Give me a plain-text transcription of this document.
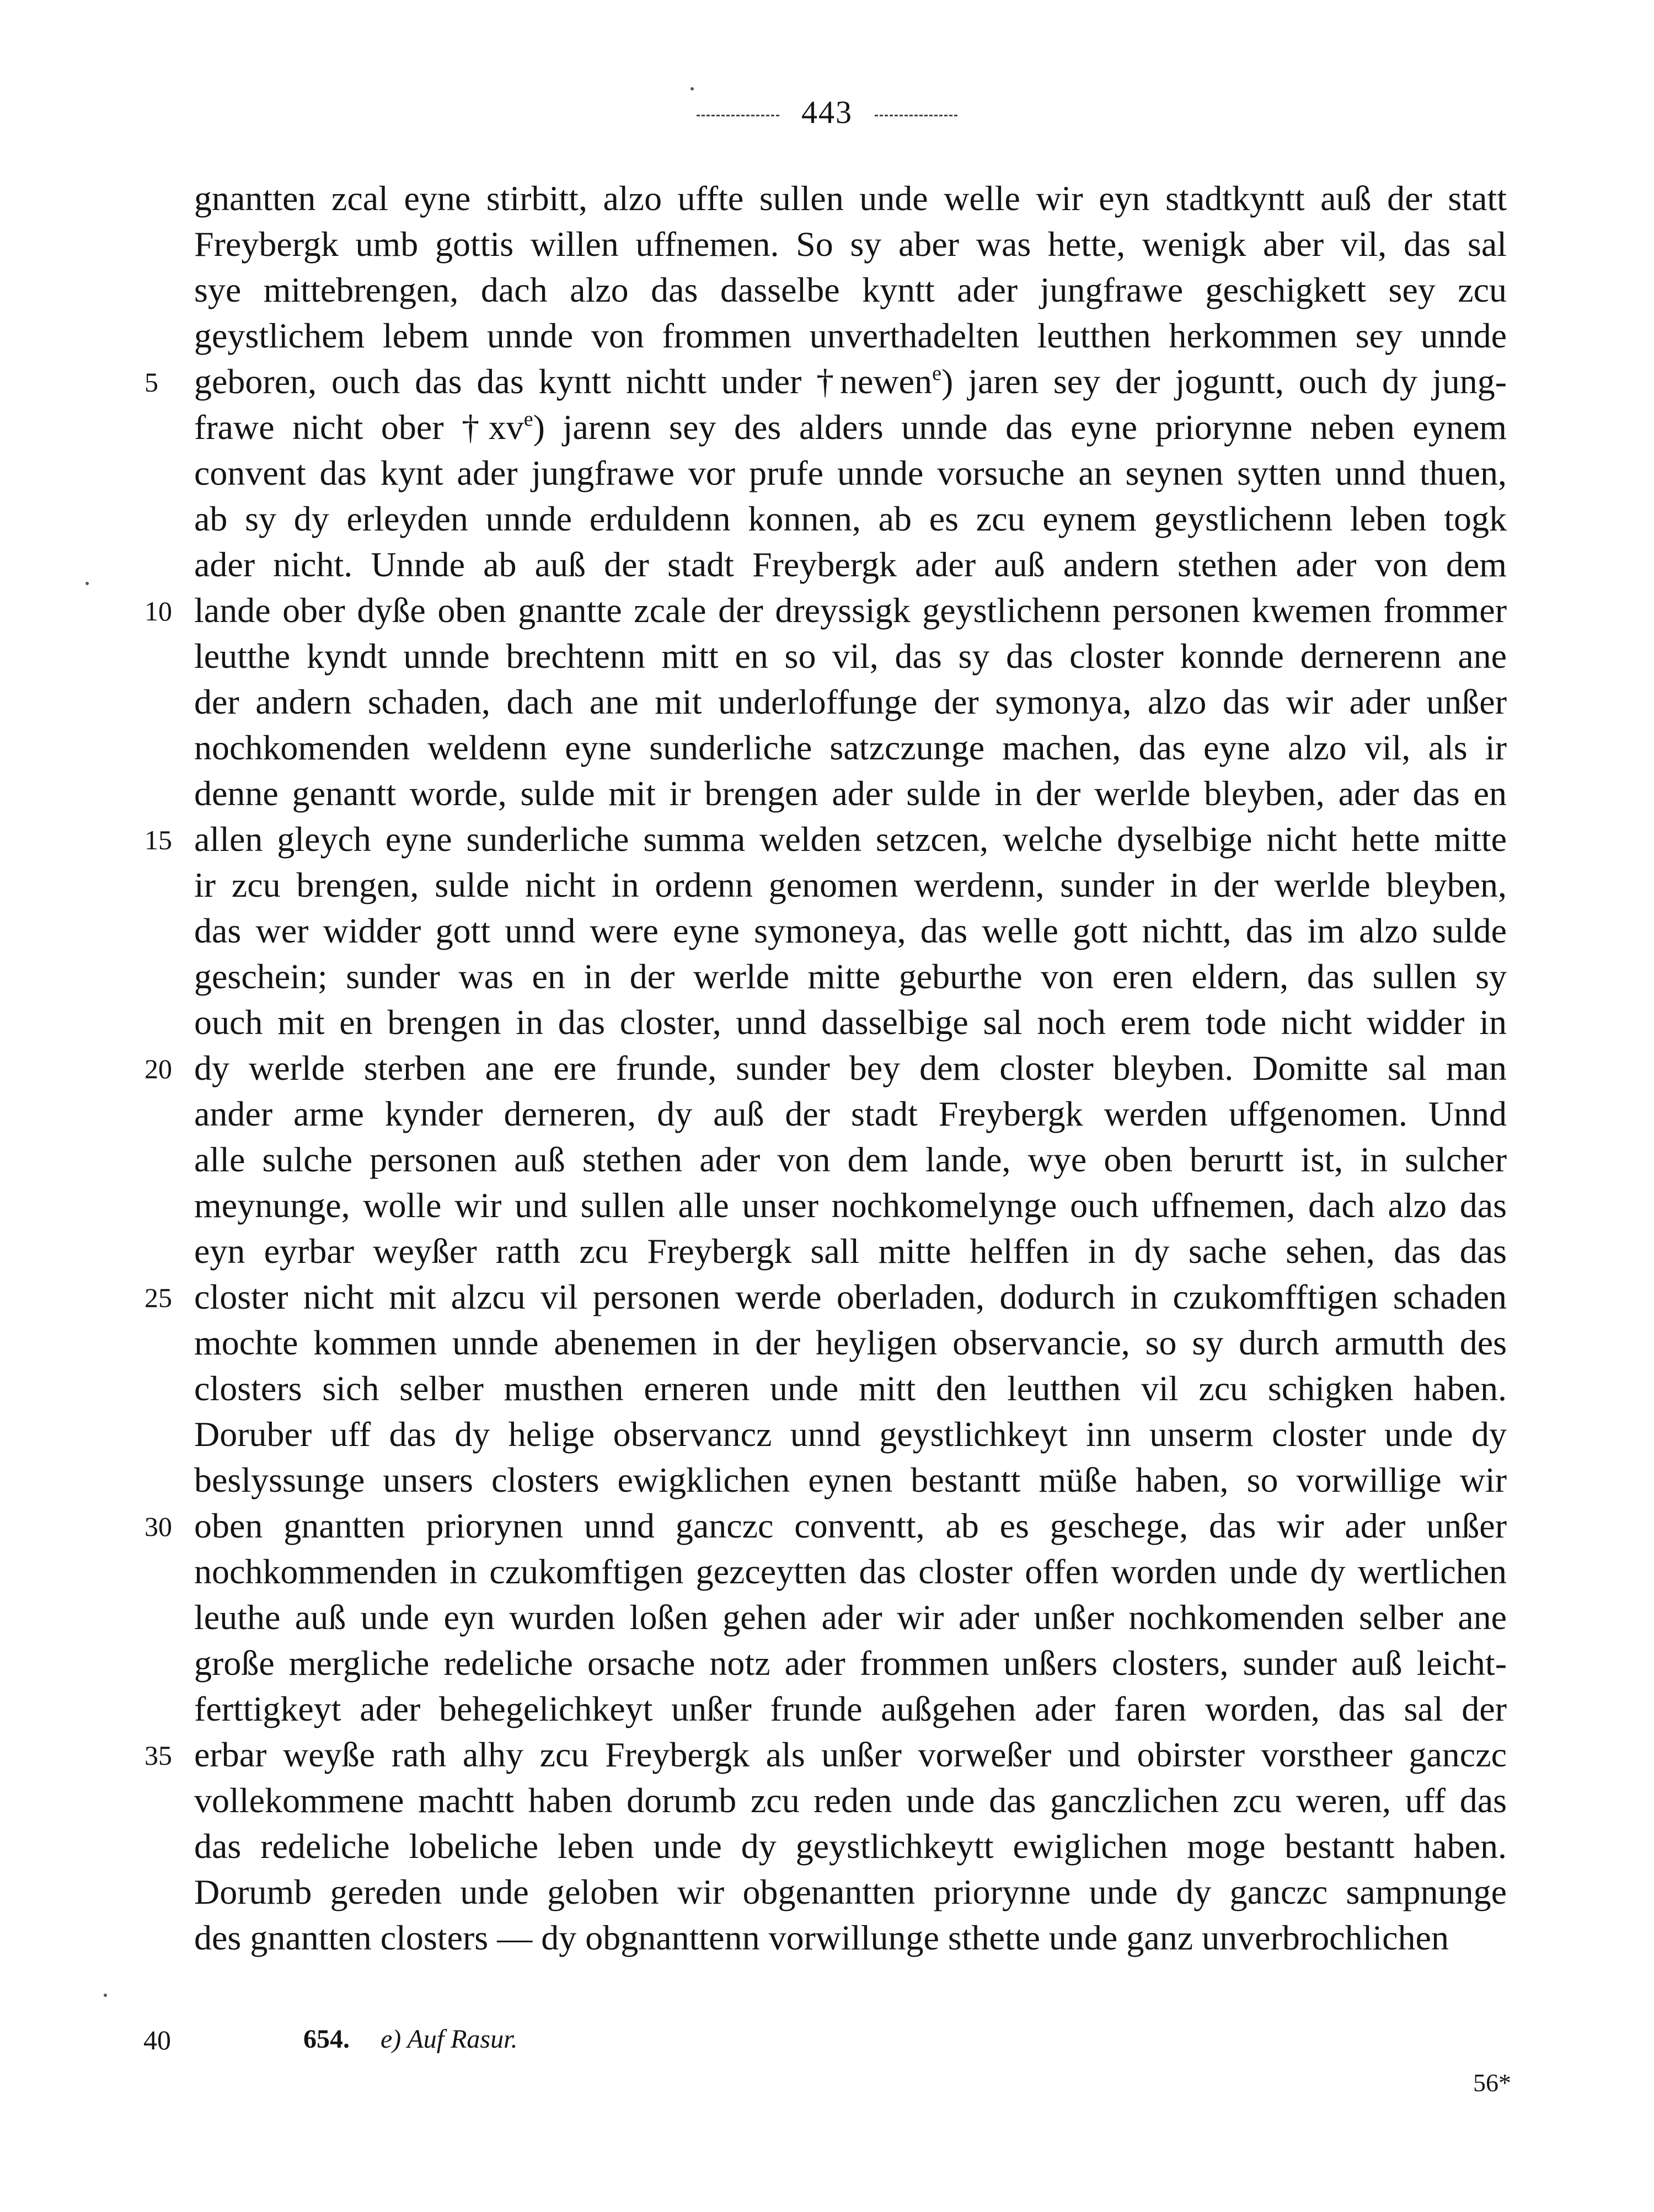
443
gnantten zcal eyne stirbitt, alzo uffte sullen unde welle wir eyn stadtkyntt auß der statt
Freybergk umb gottis willen uffnemen. So sy aber was hette, wenigk aber vil, das sal
sye mittebrengen, dach alzo das dasselbe kyntt ader jungfrawe geschigkett sey zcu
geystlichem lebem unnde von frommen unverthadelten leutthen herkommen sey unnde
5	geboren, ouch das das kyntt nichtt under †newen$^e$) jaren sey der joguntt, ouch dy jung-
frawe nicht ober $\dagger xv^e$) jarenn sey des alders unnde das eyne priorynne neben eynem
convent das kynt ader jungfrawe vor prufe unnde vorsuche an seynen sytten unnd thuen,
ab sy dy erleyden unnde erduldenn konnen, ab es zcu eynem geystlichenn leben togk
ader nicht. Unnde ab auß der stadt Freybergk ader auß andern stethen ader von dem
10 lande ober dyße oben gnantte zcale der dreyssigk geystlichenn personen kwemen frommer
leutthe kyndt unnde brechtenn mitt en so vil, das sy das closter konnde dernerenn ane
der andern schaden, dach ane mit underloffunge der symonya, alzo das wir ader unßer
nochkomenden weldenn eyne sunderliche satzczunge machen, das eyne alzo vil, als ir
denne genantt worde, sulde mit ir brengen ader sulde in der werlde bleyben, ader das en
15 allen gleych eyne sunderliche summa welden setzcen, welche dyselbige nicht hette mitte
ir zcu brengen, sulde nicht in ordenn genomen werdenn, sunder in der werlde bleyben,
das wer widder gott unnd were eyne symoneya, das welle gott nichtt, das im alzo sulde
geschein; sunder was en in der werlde mitte geburthe von eren eldern, das sullen sy
ouch mit en brengen in das closter, unnd dasselbige sal noch erem tode nicht widder in
20 dy werlde sterben ane ere frunde, sunder bey dem closter bleyben. Domitte sal man
ander arme kynder derneren, dy auß der stadt Freybergk werden uffgenomen. Unnd
alle sulche personen auß stethen ader von dem lande, wye oben berurtt ist, in sulcher
meynunge, wolle wir und sullen alle unser nochkomelynge ouch uffnemen, dach alzo das
eyn eyrbar weyßer ratth zcu Freybergk sall mitte helffen in dy sache sehen, das das
25 closter nicht mit alzcu vil personen werde oberladen, dodurch in czukomfftigen schaden
mochte kommen unnde abenemen in der heyligen observancie, so sy durch armutth des
closters sich selber musthen erneren unde mitt den leutthen vil zcu schigken haben.
Doruber uff das dy helige observancz unnd geystlichkeyt inn unserm closter unde dy
beslyssunge unsers closters ewigklichen eynen bestantt müße haben, so vorwillige wir
30 oben gnantten priorynen unnd ganczc conventt, ab es geschege, das wir ader unßer
nochkommenden in czukomftigen gezceytten das closter offen worden unde dy wertlichen
leuthe auß unde eyn wurden loßen gehen ader wir ader unßer nochkomenden selber ane
große mergliche redeliche orsache notz ader frommen unßers closters, sunder auß leicht-
ferttigkeyt ader behegelichkeyt unßer frunde außgehen ader faren worden, das sal der
35 erbar weyße rath alhy zcu Freybergk als unßer vorweßer und obirster vorstheer ganczc
vollekommene machtt haben dorumb zcu reden unde das ganczlichen zcu weren, uff das
das redeliche lobeliche leben unde dy geystlichkeytt ewiglichen moge bestantt haben.
Dorumb gereden unde geloben wir obgenantten priorynne unde dy ganczc sampnunge
des gnantten closters — dy obgnanttenn vorwillunge sthette unde ganz unverbrochlichen
40	654. e) Auf Rasur.
56*
